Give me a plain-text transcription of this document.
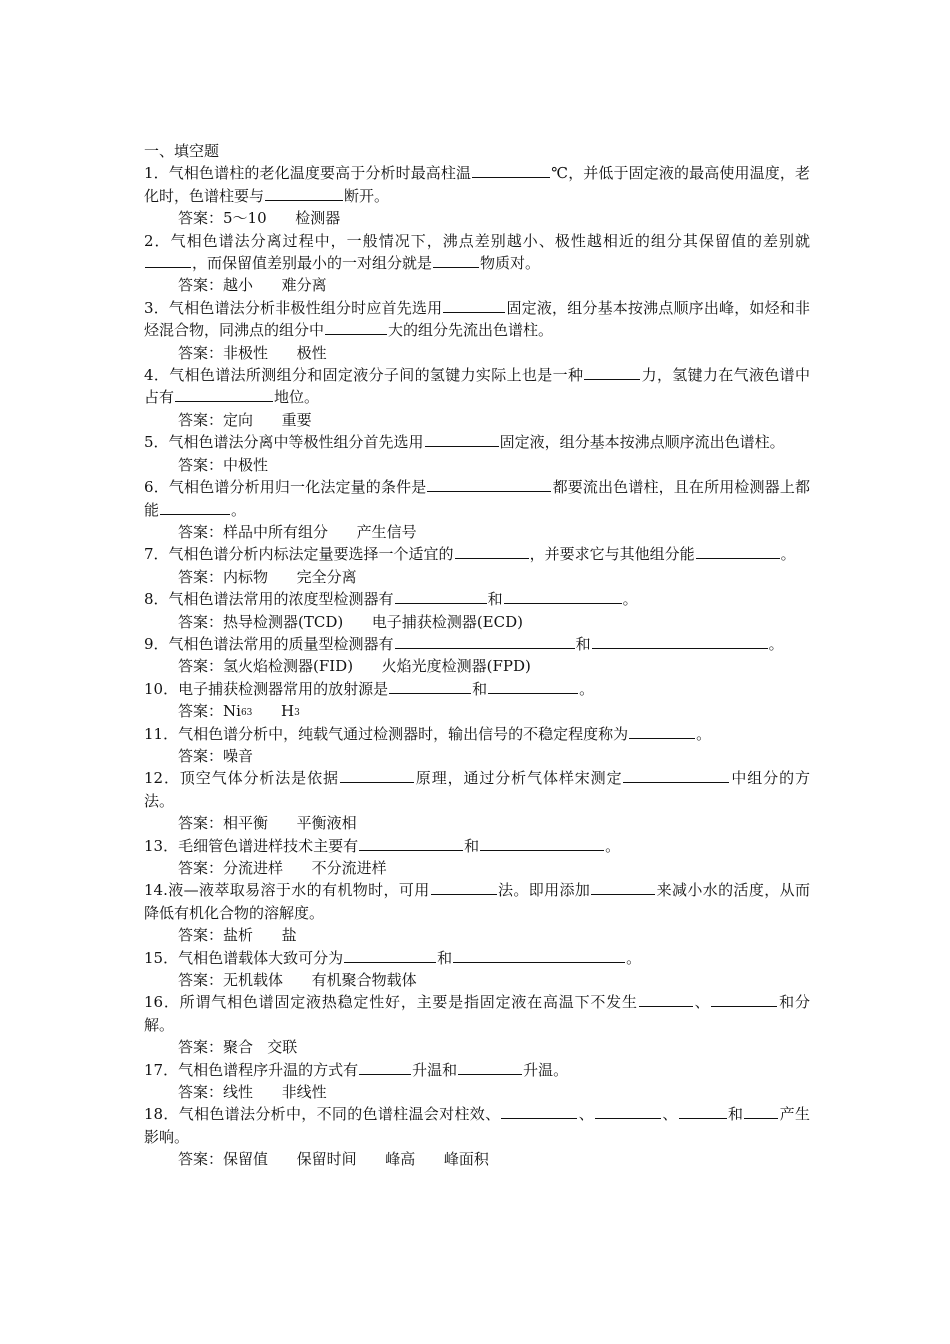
一、填空题

1．气相色谱柱的老化温度要高于分析时最高柱温	℃，并低于固定液的最高使用温度，老化时，色谱柱要与	断开。

答案：5～10      检测器

2．气相色谱法分离过程中，一般情况下，沸点差别越小、极性越相近的组分其保留值的差别就，而保留值差别最小的一对组分就是	物质对。

答案：越小      难分离

3．气相色谱法分析非极性组分时应首先选用	固定液，组分基本按沸点顺序出峰，如烃和非烃混合物，同沸点的组分中	大的组分先流出色谱柱。

答案：非极性      极性

4．气相色谱法所测组分和固定液分子间的氢键力实际上也是一种	力，氢键力在气液色谱中占有	地位。

答案：定向      重要

5．气相色谱法分离中等极性组分首先选用	固定液，组分基本按沸点顺序流出色谱柱。

答案：中极性

6．气相色谱分析用归一化法定量的条件是	都要流出色谱柱，且在所用检测器上都能	。

答案：样品中所有组分      产生信号

7．气相色谱分析内标法定量要选择一个适宜的	，并要求它与其他组分能	。

答案：内标物      完全分离

8．气相色谱法常用的浓度型检测器有	和	。

答案：热导检测器(TCD)      电子捕获检测器(ECD)

9．气相色谱法常用的质量型检测器有	和	。

答案：氢火焰检测器(FID)      火焰光度检测器(FPD)

10．电子捕获检测器常用的放射源是	和	。

答案：Ni$^{63}$      $H^3$

11．气相色谱分析中，纯载气通过检测器时，输出信号的不稳定程度称为	。

答案：噪音

12．顶空气体分析法是依据	原理，通过分析气体样宋测定	中组分的方法。

答案：相平衡      平衡液相

13．毛细管色谱进样技术主要有	和	。

答案：分流进样      不分流进样

14.液—液萃取易溶于水的有机物时，可用	法。即用添加	来减小水的活度，从而降低有机化合物的溶解度。

答案：盐析      盐

15．气相色谱载体大致可分为	和	。

答案：无机载体      有机聚合物载体

16．所谓气相色谱固定液热稳定性好，主要是指固定液在高温下不发生	、	和分解。

答案：聚合   交联

17．气相色谱程序升温的方式有	升温和	升温。

答案：线性      非线性

18．气相色谱法分析中，不同的色谱柱温会对柱效、	、	、	和 产生影响。

答案：保留值      保留时间      峰高      峰面积
